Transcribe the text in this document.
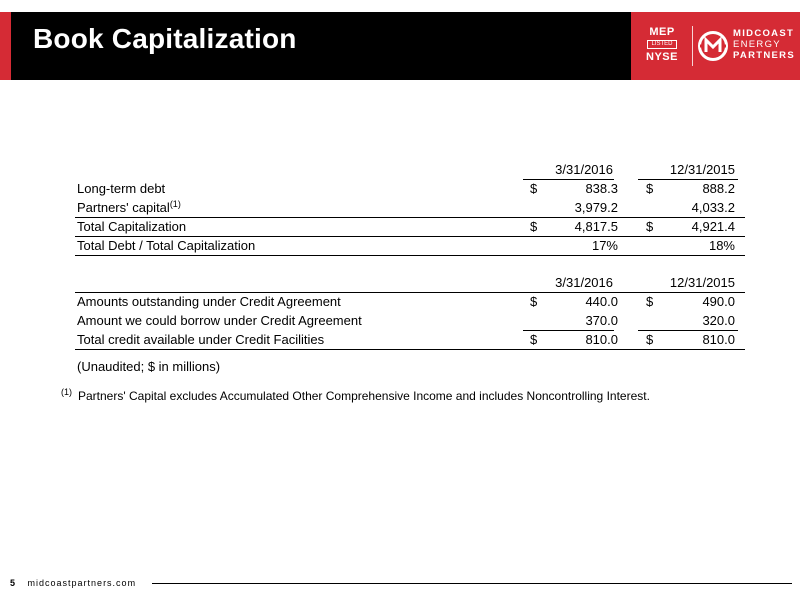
Book Capitalization	MEP
LISTED
NYSE
MIDCOAST
ENERGY
PARTNERS
3/31/2016	12/31/2015
Long-term debt	$	838.3 $	888.2
Partners' capital$^{(1)}$	3,979.2	4,033.2
Total Capitalization	$	4,817.5 $	4,921.4
Total Debt / Total Capitalization	17%	18%
3/31/2016	12/31/2015
Amounts outstanding under Credit Agreement	$	440.0 $	490.0
Amount we could borrow under Credit Agreement	370.0	320.0
Total credit available under Credit Facilities	$	810.0 $	810.0
(Unaudited; $ in millions)
(1) Partners' Capital excludes Accumulated Other Comprehensive Income and includes Noncontrolling Interest.
5 midcoastpartners.com
